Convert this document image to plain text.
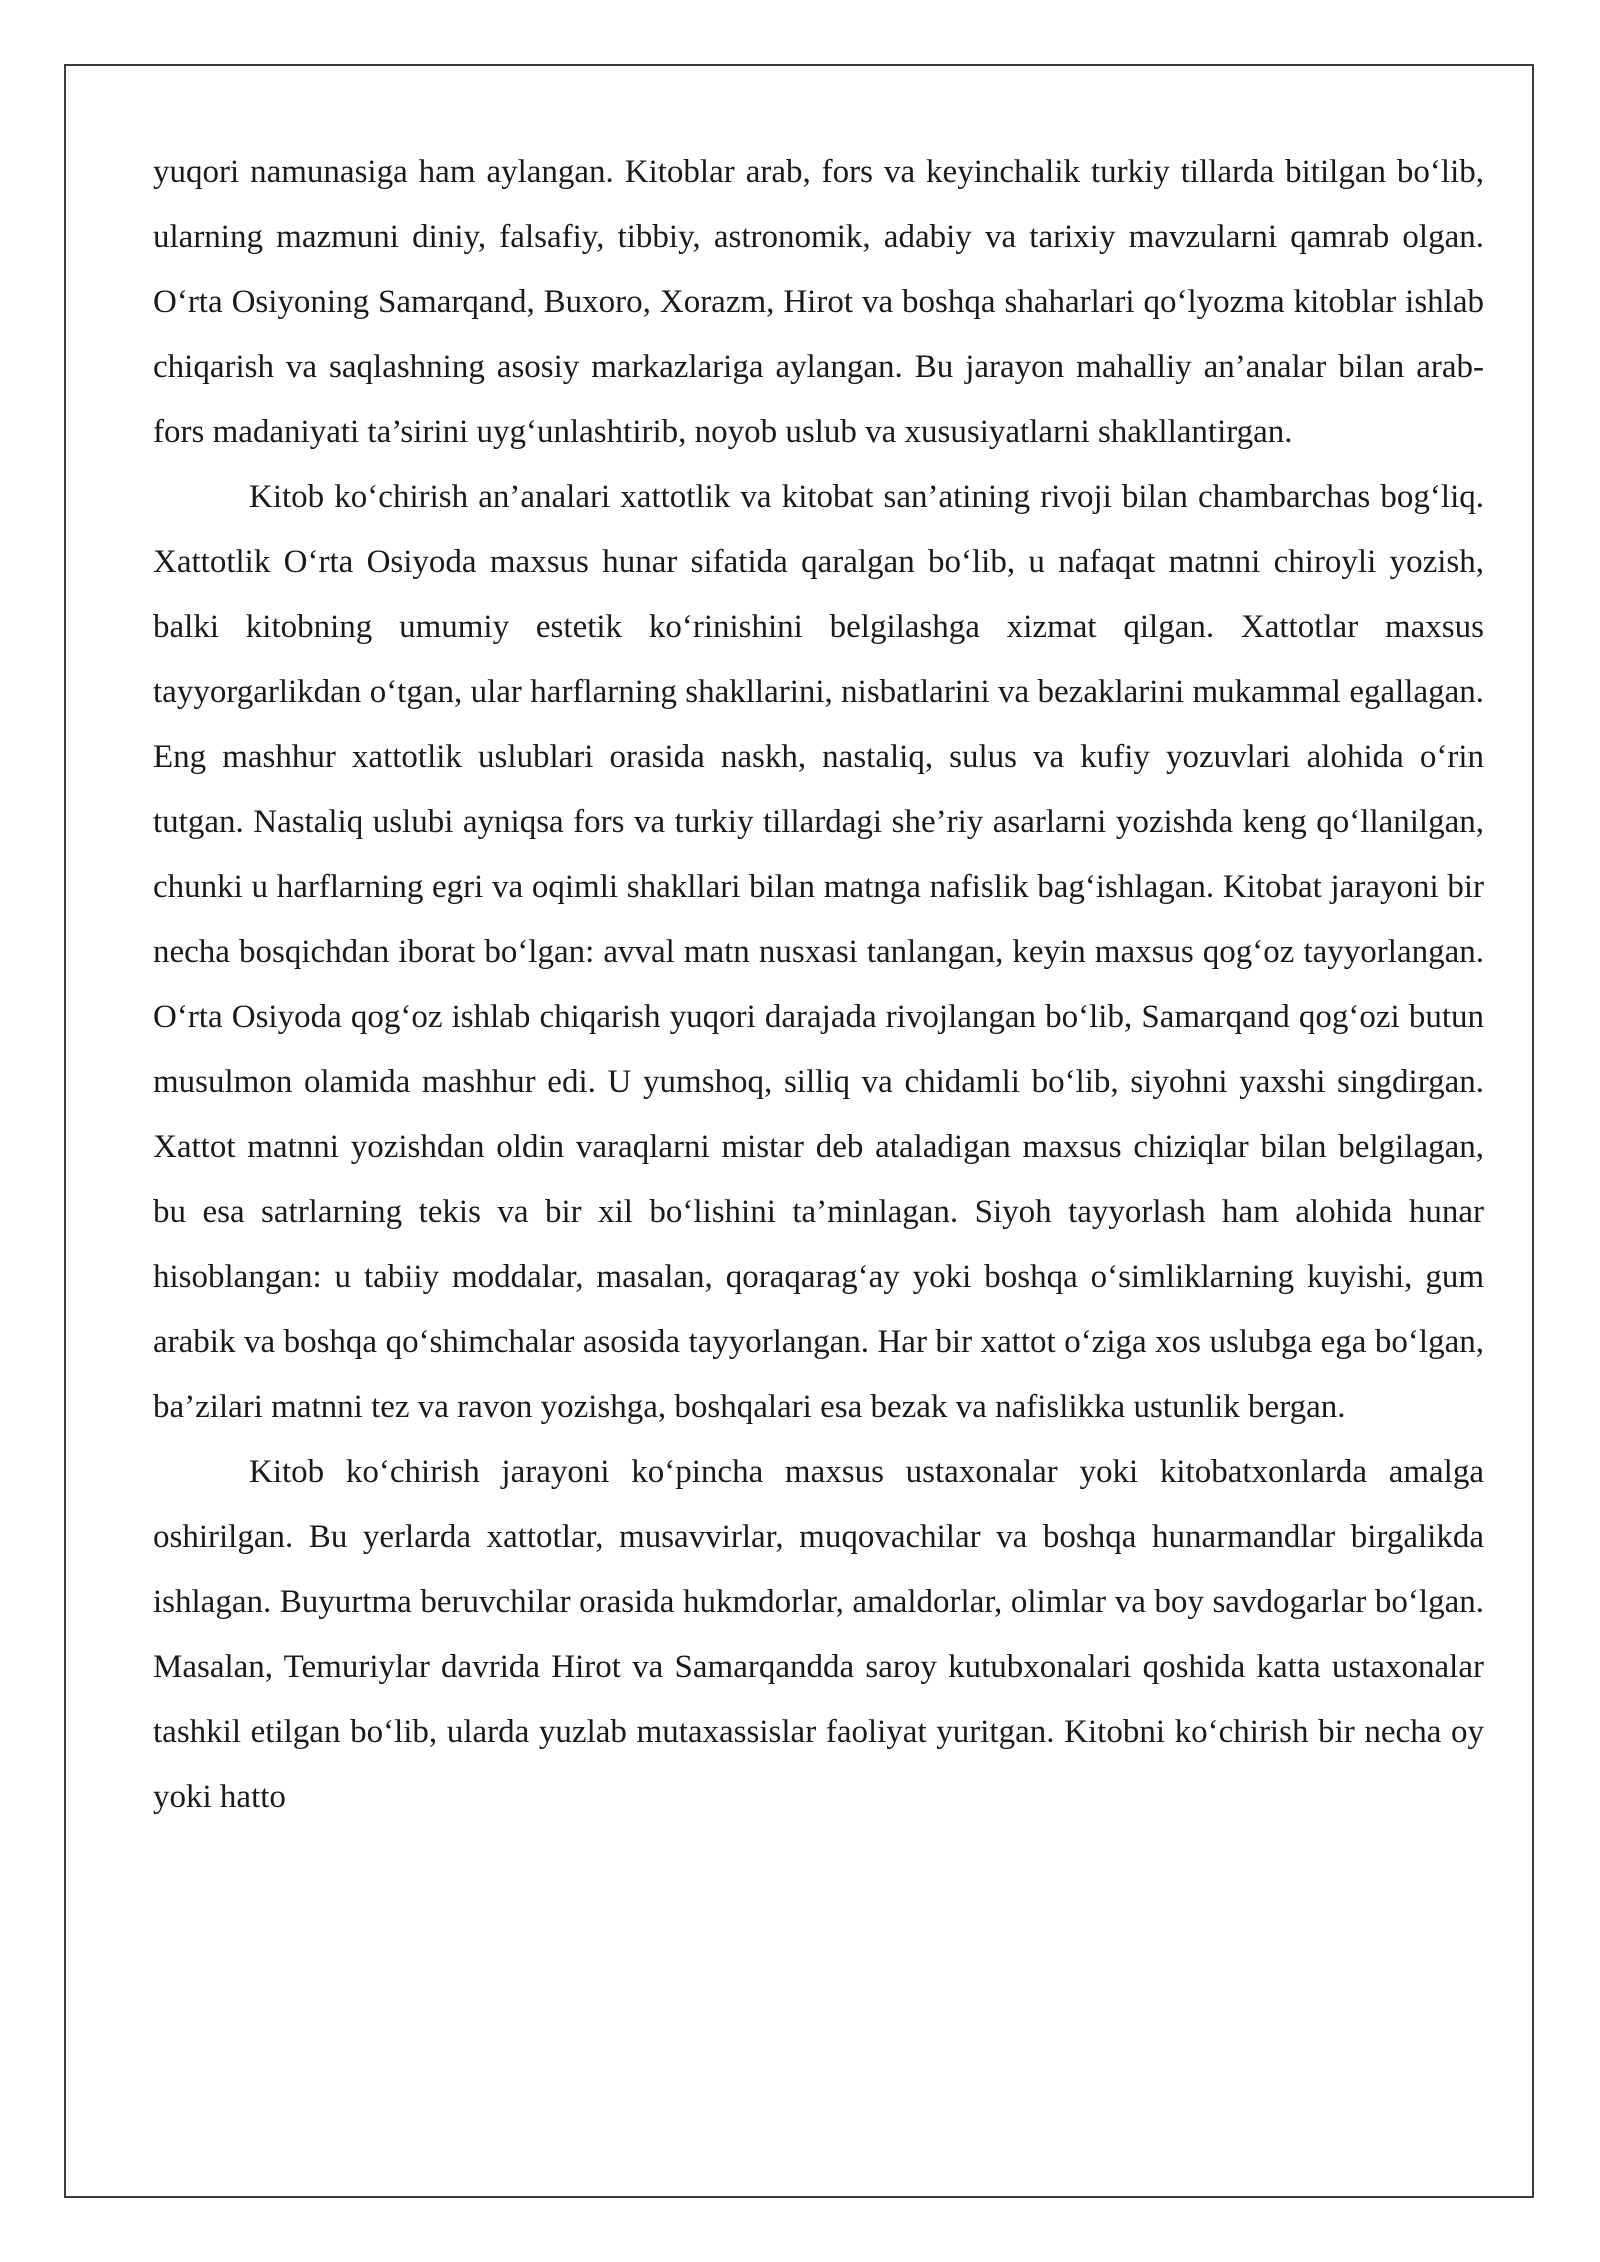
yuqori namunasiga ham aylangan. Kitoblar arab, fors va keyinchalik turkiy tillarda bitilgan bo‘lib, ularning mazmuni diniy, falsafiy, tibbiy, astronomik, adabiy va tarixiy mavzularni qamrab olgan. O‘rta Osiyoning Samarqand, Buxoro, Xorazm, Hirot va boshqa shaharlari qo‘lyozma kitoblar ishlab chiqarish va saqlashning asosiy markazlariga aylangan. Bu jarayon mahalliy an’analar bilan arab-fors madaniyati ta’sirini uyg‘unlashtirib, noyob uslub va xususiyatlarni shakllantirgan.

Kitob ko‘chirish an’analari xattotlik va kitobat san’atining rivoji bilan chambarchas bog‘liq. Xattotlik O‘rta Osiyoda maxsus hunar sifatida qaralgan bo‘lib, u nafaqat matnni chiroyli yozish, balki kitobning umumiy estetik ko‘rinishini belgilashga xizmat qilgan. Xattotlar maxsus tayyorgarlikdan o‘tgan, ular harflarning shakllarini, nisbatlarini va bezaklarini mukammal egallagan. Eng mashhur xattotlik uslublari orasida naskh, nastaliq, sulus va kufiy yozuvlari alohida o‘rin tutgan. Nastaliq uslubi ayniqsa fors va turkiy tillardagi she’riy asarlarni yozishda keng qo‘llanilgan, chunki u harflarning egri va oqimli shakllari bilan matnga nafislik bag‘ishlagan. Kitobat jarayoni bir necha bosqichdan iborat bo‘lgan: avval matn nusxasi tanlangan, keyin maxsus qog‘oz tayyorlangan. O‘rta Osiyoda qog‘oz ishlab chiqarish yuqori darajada rivojlangan bo‘lib, Samarqand qog‘ozi butun musulmon olamida mashhur edi. U yumshoq, silliq va chidamli bo‘lib, siyohni yaxshi singdirgan. Xattot matnni yozishdan oldin varaqlarni mistar deb ataladigan maxsus chiziqlar bilan belgilagan, bu esa satrlarning tekis va bir xil bo‘lishini ta’minlagan. Siyoh tayyorlash ham alohida hunar hisoblangan: u tabiiy moddalar, masalan, qoraqarag‘ay yoki boshqa o‘simliklarning kuyishi, gum arabik va boshqa qo‘shimchalar asosida tayyorlangan. Har bir xattot o‘ziga xos uslubga ega bo‘lgan, ba’zilari matnni tez va ravon yozishga, boshqalari esa bezak va nafislikka ustunlik bergan.

Kitob ko‘chirish jarayoni ko‘pincha maxsus ustaxonalar yoki kitobatxonlarda amalga oshirilgan. Bu yerlarda xattotlar, musavvirlar, muqovachilar va boshqa hunarmandlar birgalikda ishlagan. Buyurtma beruvchilar orasida hukmdorlar, amaldorlar, olimlar va boy savdogarlar bo‘lgan. Masalan, Temuriylar davrida Hirot va Samarqandda saroy kutubxonalari qoshida katta ustaxonalar tashkil etilgan bo‘lib, ularda yuzlab mutaxassislar faoliyat yuritgan. Kitobni ko‘chirish bir necha oy yoki hatto
